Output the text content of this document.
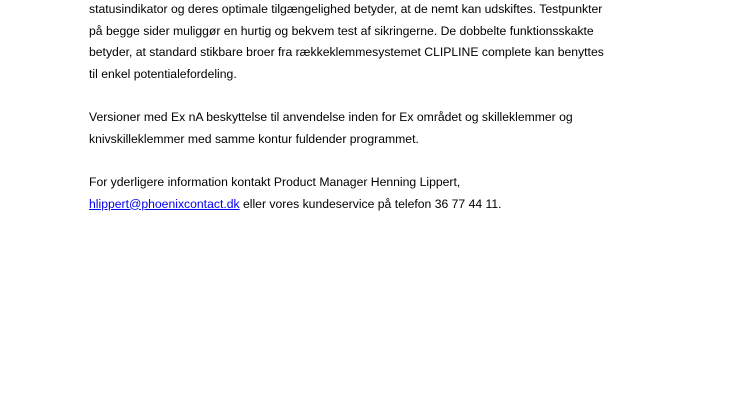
statusindikator og deres optimale tilgængelighed betyder, at de nemt kan udskiftes. Testpunkter
på begge sider muliggør en hurtig og bekvem test af sikringerne. De dobbelte funktionsskakte
betyder, at standard stikbare broer fra rækkeklemmesystemet CLIPLINE complete kan benyttes
til enkel potentialefordeling.
Versioner med Ex nA beskyttelse til anvendelse inden for Ex området og skilleklemmer og
knivskilleklemmer med samme kontur fuldender programmet.
For yderligere information kontakt Product Manager Henning Lippert,
hlippert@phoenixcontact.dk eller vores kundeservice på telefon 36 77 44 11.
